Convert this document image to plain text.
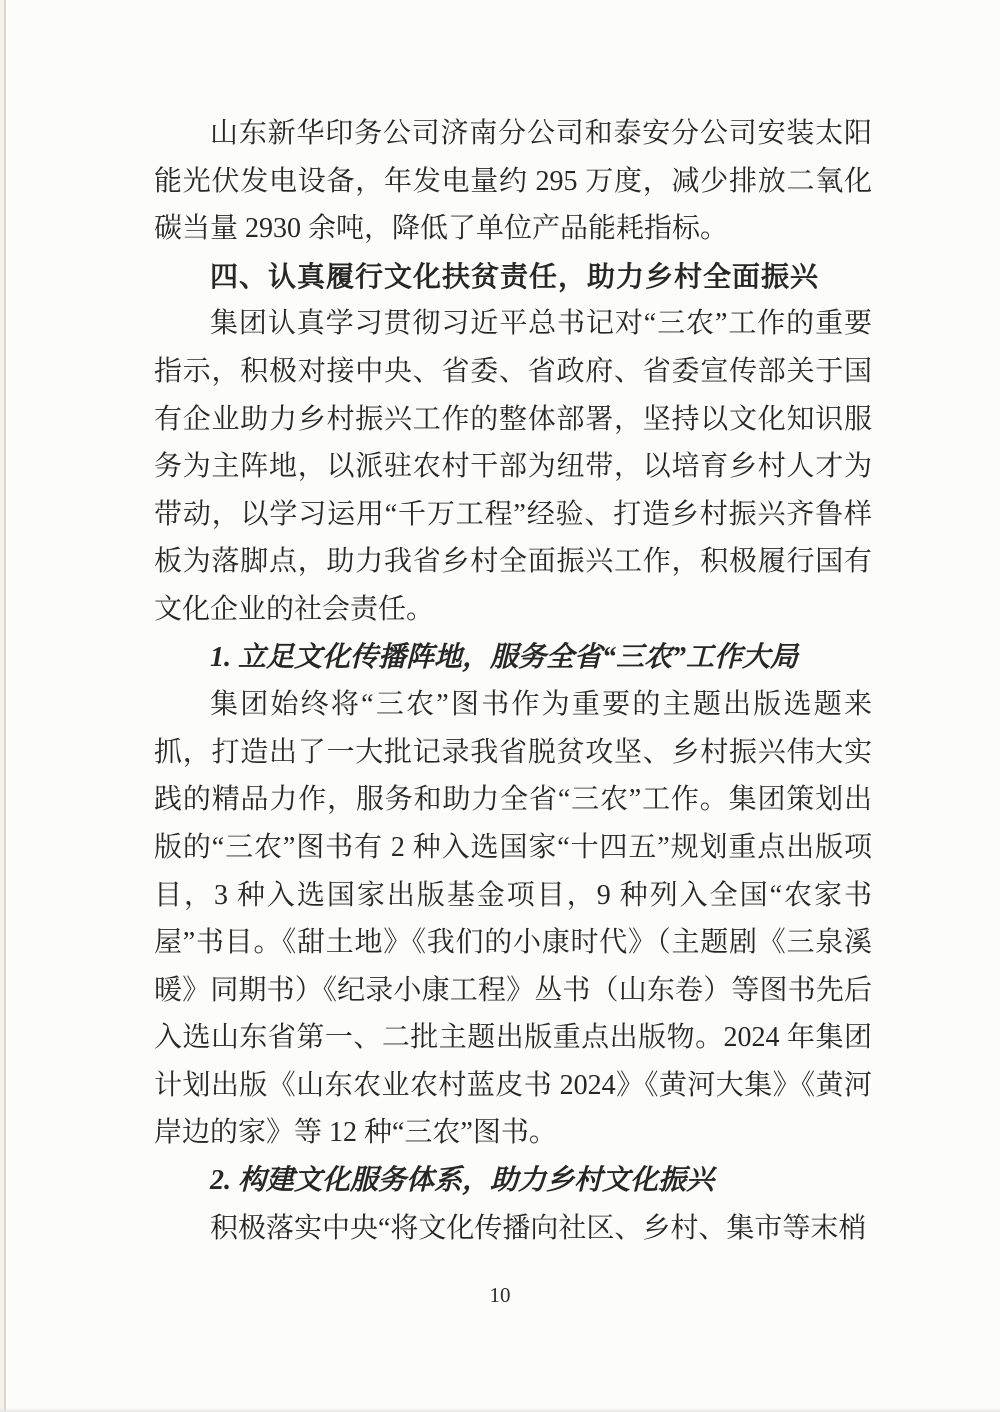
山东新华印务公司济南分公司和泰安分公司安装太阳能光伏发电设备，年发电量约 295 万度，减少排放二氧化碳当量 2930 余吨，降低了单位产品能耗指标。

四、认真履行文化扶贫责任，助力乡村全面振兴

集团认真学习贯彻习近平总书记对“三农”工作的重要指示，积极对接中央、省委、省政府、省委宣传部关于国有企业助力乡村振兴工作的整体部署，坚持以文化知识服务为主阵地，以派驻农村干部为纽带，以培育乡村人才为带动，以学习运用“千万工程”经验、打造乡村振兴齐鲁样板为落脚点，助力我省乡村全面振兴工作，积极履行国有文化企业的社会责任。

1. 立足文化传播阵地，服务全省“三农”工作大局

集团始终将“三农”图书作为重要的主题出版选题来抓，打造出了一大批记录我省脱贫攻坚、乡村振兴伟大实践的精品力作，服务和助力全省“三农”工作。集团策划出版的“三农”图书有 2 种入选国家“十四五”规划重点出版项目，3 种入选国家出版基金项目，9 种列入全国“农家书屋”书目。《甜土地》《我们的小康时代》（主题剧《三泉溪暖》同期书）《纪录小康工程》丛书（山东卷）等图书先后入选山东省第一、二批主题出版重点出版物。2024 年集团计划出版《山东农业农村蓝皮书 2024》《黄河大集》《黄河岸边的家》等 12 种“三农”图书。

2. 构建文化服务体系，助力乡村文化振兴

积极落实中央“将文化传播向社区、乡村、集市等末梢

10
